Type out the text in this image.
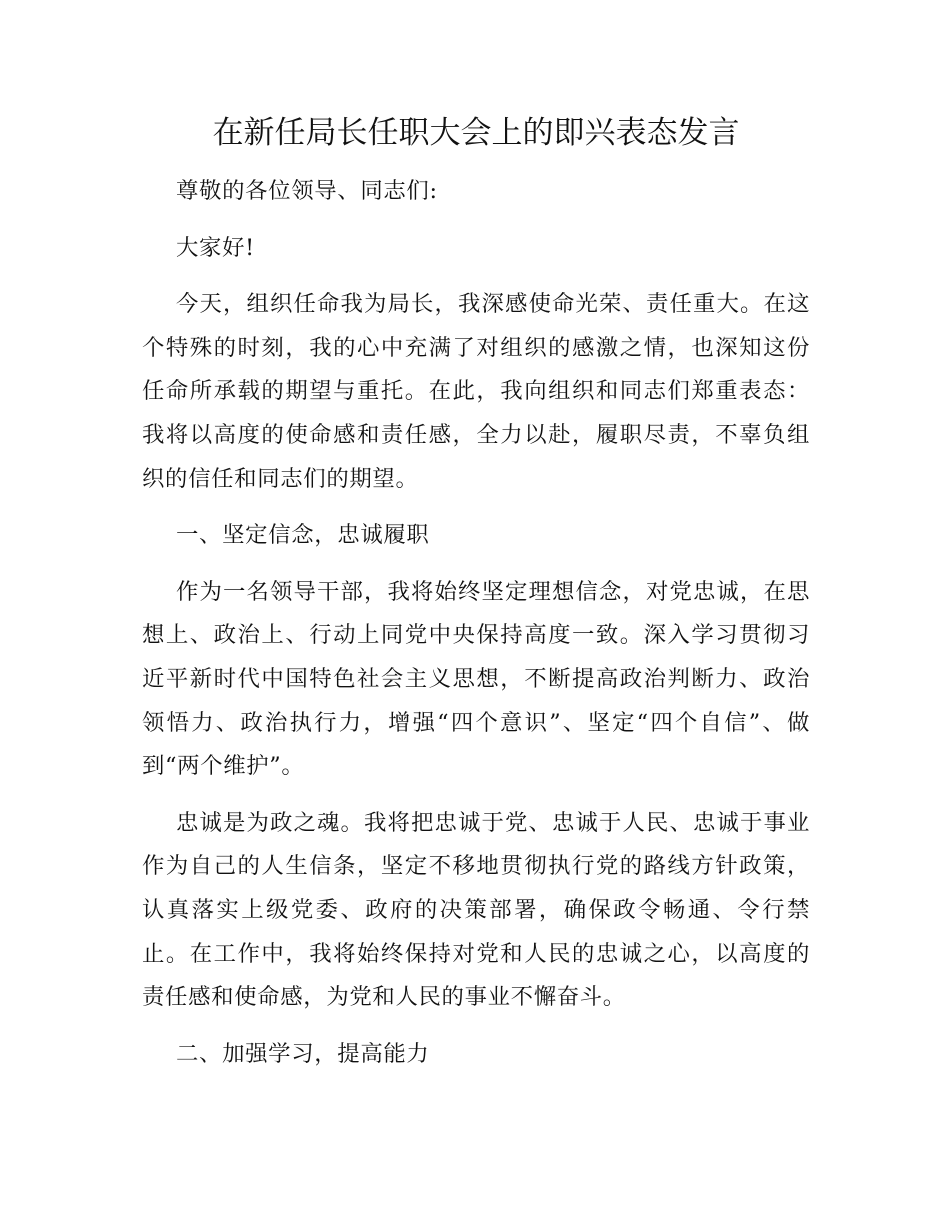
在新任局长任职大会上的即兴表态发言

尊敬的各位领导、同志们:

大家好!

今天，组织任命我为局长，我深感使命光荣、责任重大。在这个特殊的时刻，我的心中充满了对组织的感激之情，也深知这份任命所承载的期望与重托。在此，我向组织和同志们郑重表态：我将以高度的使命感和责任感，全力以赴，履职尽责，不辜负组织的信任和同志们的期望。

一、坚定信念，忠诚履职

作为一名领导干部，我将始终坚定理想信念，对党忠诚，在思想上、政治上、行动上同党中央保持高度一致。深入学习贯彻习近平新时代中国特色社会主义思想，不断提高政治判断力、政治领悟力、政治执行力，增强“四个意识”、坚定“四个自信”、做到“两个维护”。

忠诚是为政之魂。我将把忠诚于党、忠诚于人民、忠诚于事业作为自己的人生信条，坚定不移地贯彻执行党的路线方针政策，认真落实上级党委、政府的决策部署，确保政令畅通、令行禁止。在工作中，我将始终保持对党和人民的忠诚之心，以高度的责任感和使命感，为党和人民的事业不懈奋斗。

二、加强学习，提高能力
